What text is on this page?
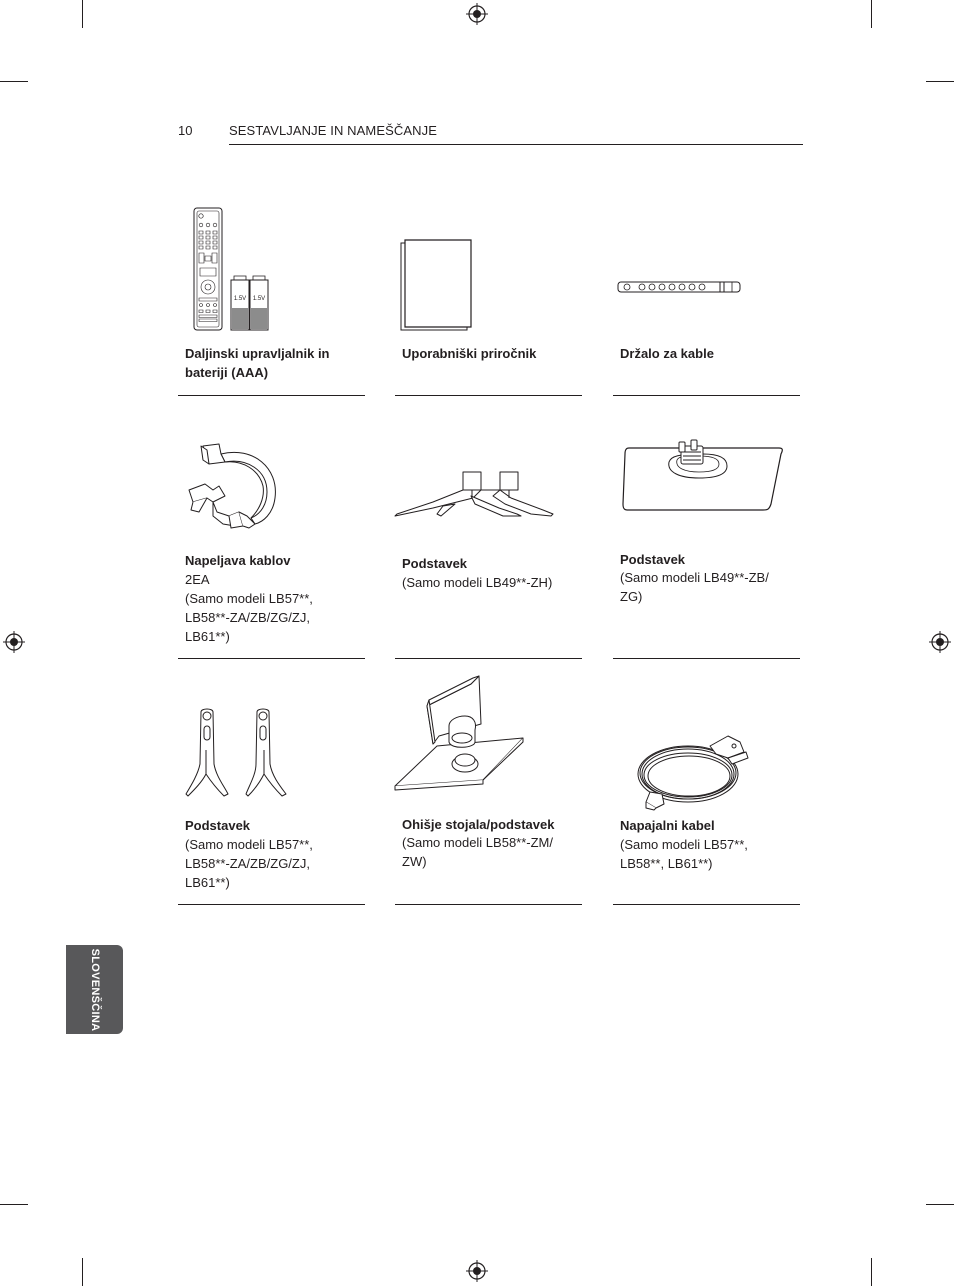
10	SESTAVLJANJE IN NAMEŠČANJE
1.5V 1.5V
Daljinski upravljalnik in
bateriji (AAA)
Uporabniški priročnik	Držalo za kable
Napeljava kablov
2EA
(Samo modeli LB57**,
LB58**-ZA/ZB/ZG/ZJ,
LB61**)
Podstavek
(Samo modeli LB49**-ZH)
Podstavek
(Samo modeli LB49**-ZB/
ZG)
Podstavek
(Samo modeli LB57**,
LB58**-ZA/ZB/ZG/ZJ,
LB61**)
Ohišje stojala/podstavek
(Samo modeli LB58**-ZM/
ZW)
Napajalni kabel
(Samo modeli LB57**,
LB58**, LB61**)
SLOVENŠČINA
